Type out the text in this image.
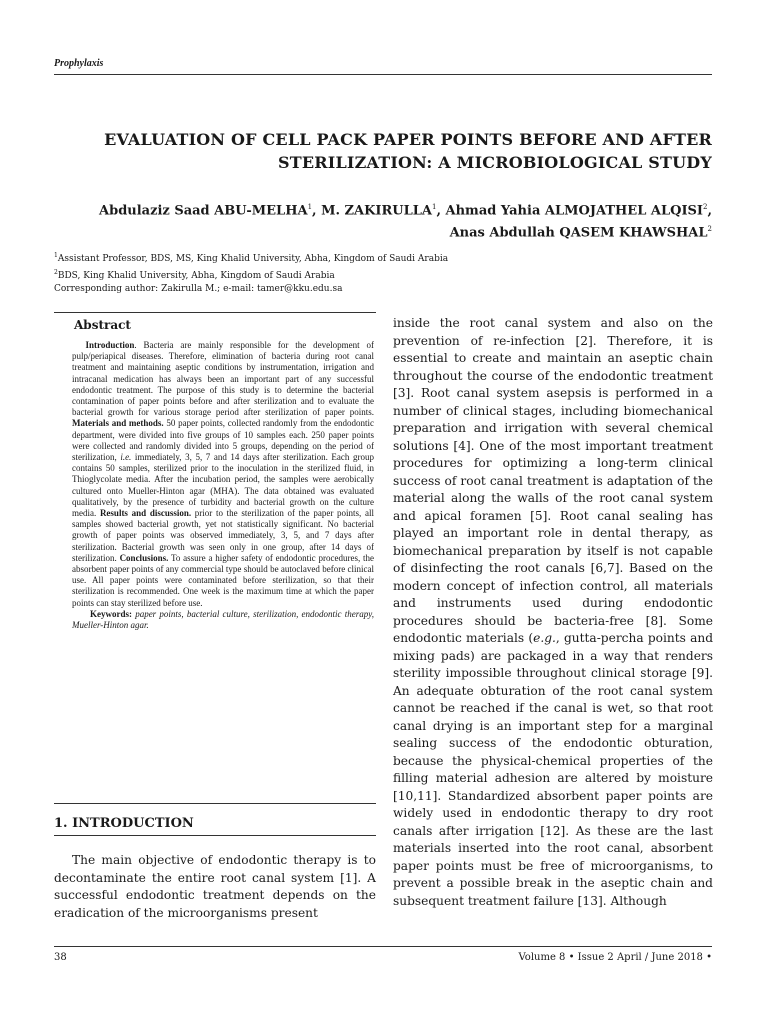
Prophylaxis
EVALUATION OF CELL PACK PAPER POINTS BEFORE AND AFTER
STERILIZATION: A MICROBIOLOGICAL STUDY
Abdulaziz Saad ABU-MELHA$^1$, M. ZAKIRULLA$^1$, Ahmad Yahia ALMOJATHEL ALQISI$^2$,
Anas Abdullah QASEM KHAWSHAL$^2$
$^1$Assistant Professor, BDS, MS, King Khalid University, Abha, Kingdom of Saudi Arabia
$^2$BDS, King Khalid University, Abha, Kingdom of Saudi Arabia
Corresponding author: Zakirulla M.; e-mail: tamer@kku.edu.sa
Abstract
  Introduction. Bacteria are mainly responsible for the development of pulp/periapical diseases. Therefore, elimination of bacteria during root canal treatment and maintaining aseptic conditions by instrumentation, irrigation and intracanal medication has always been an important part of any successful endodontic treatment. The purpose of this study is to determine the bacterial contamination of paper points before and after sterilization and to evaluate the bacterial growth for various storage period after sterilization of paper points. Materials and methods. 50 paper points, collected randomly from the endodontic department, were divided into five groups of 10 samples each. 250 paper points were collected and randomly divided into 5 groups, depending on the period of sterilization, i.e. immediately, 3, 5, 7 and 14 days after sterilization. Each group contains 50 samples, sterilized prior to the inoculation in the sterilized fluid, in Thioglycolate media. After the incubation period, the samples were aerobically cultured onto Mueller-Hinton agar (MHA). The data obtained was evaluated qualitatively, by the presence of turbidity and bacterial growth on the culture media. Results and discussion. prior to the sterilization of the paper points, all samples showed bacterial growth, yet not statistically significant. No bacterial growth of paper points was observed immediately, 3, 5, and 7 days after sterilization. Bacterial growth was seen only in one group, after 14 days of sterilization. Conclusions. To assure a higher safety of endodontic procedures, the absorbent paper points of any commercial type should be autoclaved before clinical use. All paper points were contaminated before sterilization, so that their sterilization is recommended. One week is the maximum time at which the paper points can stay sterilized before use.
Keywords: paper points, bacterial culture, sterilization, endodontic therapy, Mueller-Hinton agar.
1. INTRODUCTION

The main objective of endodontic therapy is to decontaminate the entire root canal system [1]. A successful endodontic treatment depends on the eradication of the microorganisms present

inside the root canal system and also on the prevention of re-infection [2]. Therefore, it is essential to create and maintain an aseptic chain throughout the course of the endodontic treatment [3]. Root canal system asepsis is performed in a number of clinical stages, including biomechanical preparation and irrigation with several chemical solutions [4]. One of the most important treatment procedures for optimizing a long-term clinical success of root canal treatment is adaptation of the material along the walls of the root canal system and apical foramen [5]. Root canal sealing has played an important role in dental therapy, as biomechanical preparation by itself is not capable of disinfecting the root canals [6,7]. Based on the modern concept of infection control, all materials and instruments used during endodontic procedures should be bacteria-free [8]. Some endodontic materials (e.g., gutta-percha points and mixing pads) are packaged in a way that renders sterility impossible throughout clinical storage [9]. An adequate obturation of the root canal system cannot be reached if the canal is wet, so that root canal drying is an important step for a marginal sealing success of the endodontic obturation, because the physical-chemical properties of the filling material adhesion are altered by moisture [10,11]. Standardized absorbent paper points are widely used in endodontic therapy to dry root canals after irrigation [12]. As these are the last materials inserted into the root canal, absorbent paper points must be free of microorganisms, to prevent a possible break in the aseptic chain and subsequent treatment failure [13]. Although
38	Volume 8 • Issue 2 April / June 2018 •
